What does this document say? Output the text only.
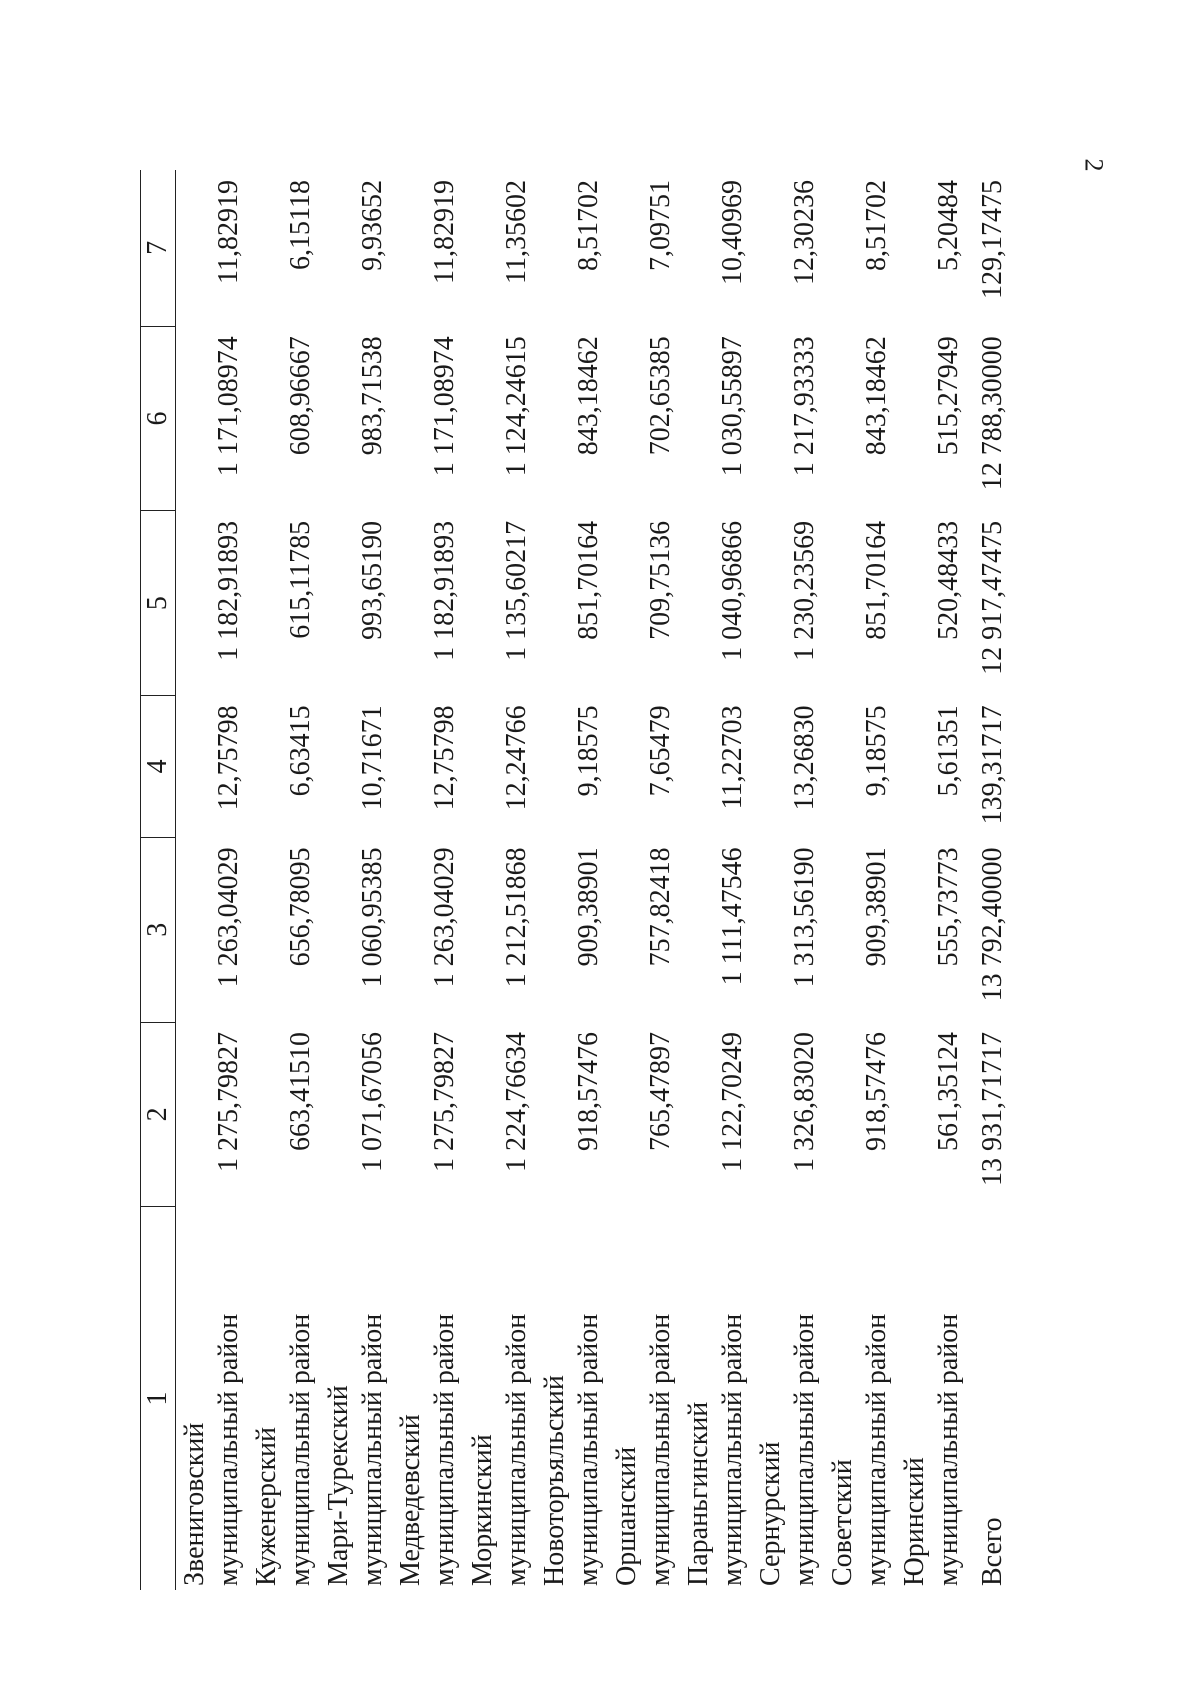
2
1	2	3	4	5	6	7

Звениговский муниципальный район	1 275,79827	1 263,04029	12,75798	1 182,91893	1 171,08974	11,82919

Куженерский муниципальный район	663,41510	656,78095	6,63415	615,11785	608,96667	6,15118

Мари-Турекский муниципальный район	1 071,67056	1 060,95385	10,71671	993,65190	983,71538	9,93652

Медведевский муниципальный район	1 275,79827	1 263,04029	12,75798	1 182,91893	1 171,08974	11,82919

Моркинский муниципальный район	1 224,76634	1 212,51868	12,24766	1 135,60217	1 124,24615	11,35602

Новоторъяльский муниципальный район	918,57476	909,38901	9,18575	851,70164	843,18462	8,51702

Оршанский муниципальный район	765,47897	757,82418	7,65479	709,75136	702,65385	7,09751

Параньгинский муниципальный район	1 122,70249	1 111,47546	11,22703	1 040,96866	1 030,55897	10,40969

Сернурский муниципальный район	1 326,83020	1 313,56190	13,26830	1 230,23569	1 217,93333	12,30236

Советский муниципальный район	918,57476	909,38901	9,18575	851,70164	843,18462	8,51702

Юринский муниципальный район	561,35124	555,73773	5,61351	520,48433	515,27949	5,20484
Всего	13 931,71717	13 792,40000	139,31717	12 917,47475	12 788,30000	129,17475
